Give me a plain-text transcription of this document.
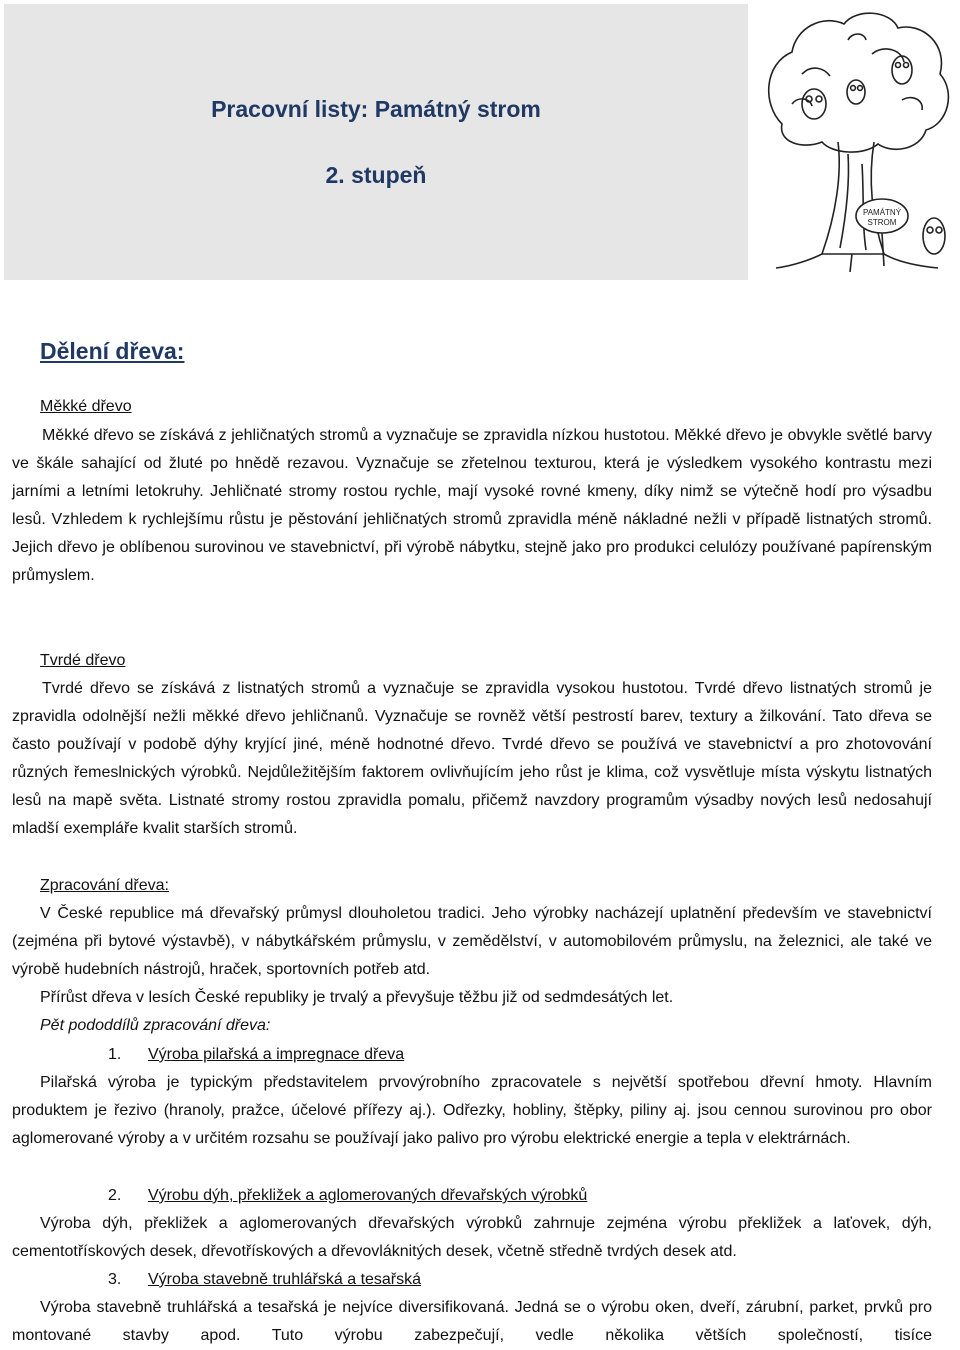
Pracovní listy: Památný strom
2. stupeň
PAMÁTNÝ
STROM
Dělení dřeva:
Měkké dřevo
Měkké dřevo se získává z jehličnatých stromů a vyznačuje se zpravidla nízkou hustotou. Měkké dřevo je obvykle světlé barvy ve škále sahající od žluté po hnědě rezavou. Vyznačuje se zřetelnou texturou, která je výsledkem vysokého kontrastu mezi jarními a letními letokruhy. Jehličnaté stromy rostou rychle, mají vysoké rovné kmeny, díky nimž se výtečně hodí pro výsadbu lesů. Vzhledem k rychlejšímu růstu je pěstování jehličnatých stromů zpravidla méně nákladné nežli v případě listnatých stromů. Jejich dřevo je oblíbenou surovinou ve stavebnictví, při výrobě nábytku, stejně jako pro produkci celulózy používané papírenským průmyslem.
Tvrdé dřevo
Tvrdé dřevo se získává z listnatých stromů a vyznačuje se zpravidla vysokou hustotou. Tvrdé dřevo listnatých stromů je zpravidla odolnější nežli měkké dřevo jehličnanů. Vyznačuje se rovněž větší pestrostí barev, textury a žilkování. Tato dřeva se často používají v podobě dýhy kryjící jiné, méně hodnotné dřevo. Tvrdé dřevo se používá ve stavebnictví a pro zhotovování různých řemeslnických výrobků. Nejdůležitějším faktorem ovlivňujícím jeho růst je klima, což vysvětluje místa výskytu listnatých lesů na mapě světa. Listnaté stromy rostou zpravidla pomalu, přičemž navzdory programům výsadby nových lesů nedosahují mladší exempláře kvalit starších stromů.
Zpracování dřeva:
V České republice má dřevařský průmysl dlouholetou tradici. Jeho výrobky nacházejí uplatnění především ve stavebnictví (zejména při bytové výstavbě), v nábytkářském průmyslu, v zemědělství, v automobilovém průmyslu, na železnici, ale také ve výrobě hudebních nástrojů, hraček, sportovních potřeb atd.
Přírůst dřeva v lesích České republiky je trvalý a převyšuje těžbu již od sedmdesátých let.
Pět pododdílů zpracování dřeva:
1. Výroba pilařská a impregnace dřeva
Pilařská výroba je typickým představitelem prvovýrobního zpracovatele s největší spotřebou dřevní hmoty. Hlavním produktem je řezivo (hranoly, pražce, účelové přířezy aj.). Odřezky, hobliny, štěpky, piliny aj. jsou cennou surovinou pro obor aglomerované výroby a v určitém rozsahu se používají jako palivo pro výrobu elektrické energie a tepla v elektrárnách.
2. Výrobu dýh, překližek a aglomerovaných dřevařských výrobků
Výroba dýh, překližek a aglomerovaných dřevařských výrobků zahrnuje zejména výrobu překližek a laťovek, dýh, cementotřískových desek, dřevotřískových a dřevovláknitých desek, včetně středně tvrdých desek atd.
3. Výroba stavebně truhlářská a tesařská
Výroba stavebně truhlářská a tesařská je nejvíce diversifikovaná. Jedná se o výrobu oken, dveří, zárubní, parket, prvků pro montované stavby apod. Tuto výrobu zabezpečují, vedle několika větších společností, tisíce
